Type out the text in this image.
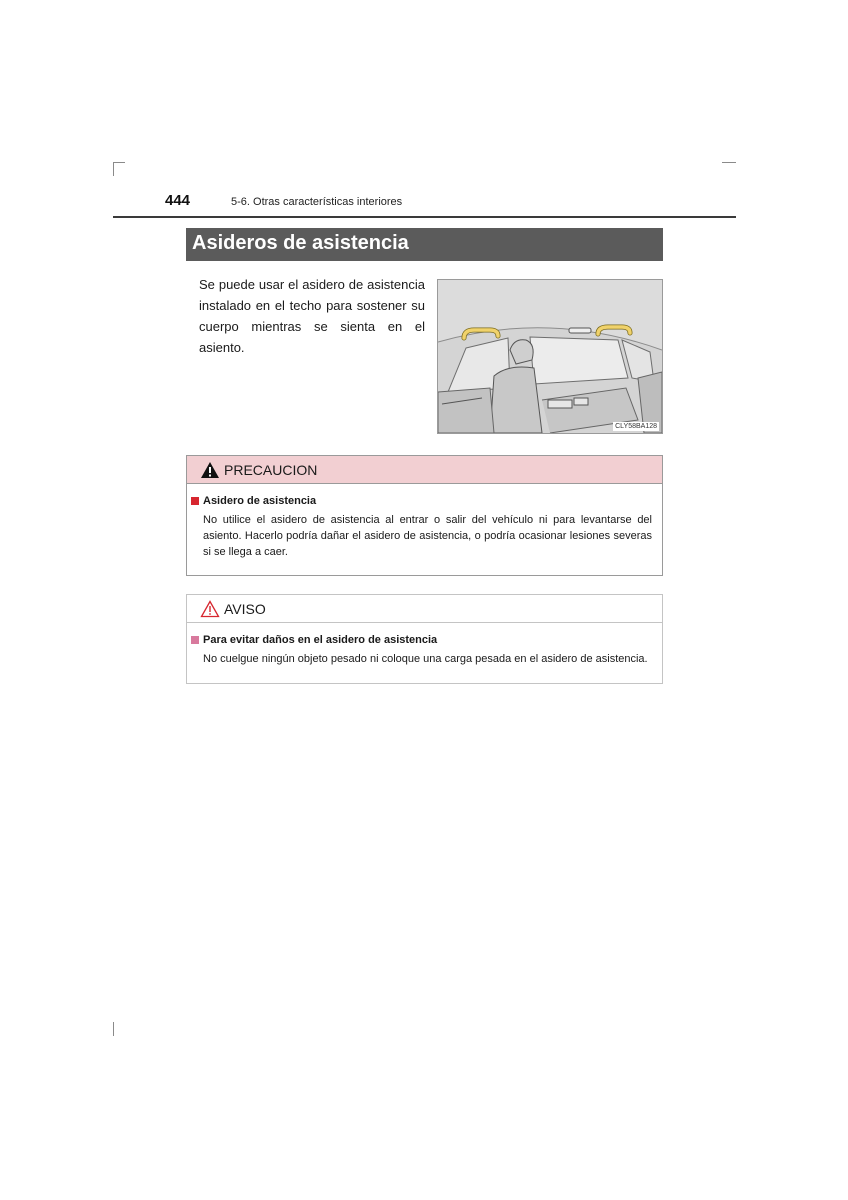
444	5-6. Otras características interiores
Asideros de asistencia
Se puede usar el asidero de asistencia instalado en el techo para sostener su cuerpo mientras se sienta en el asiento.
CLY58BA128
PRECAUCION
Asidero de asistencia
No utilice el asidero de asistencia al entrar o salir del vehículo ni para levantarse del asiento. Hacerlo podría dañar el asidero de asistencia, o podría ocasionar lesiones severas si se llega a caer.
AVISO
Para evitar daños en el asidero de asistencia
No cuelgue ningún objeto pesado ni coloque una carga pesada en el asidero de asistencia.
